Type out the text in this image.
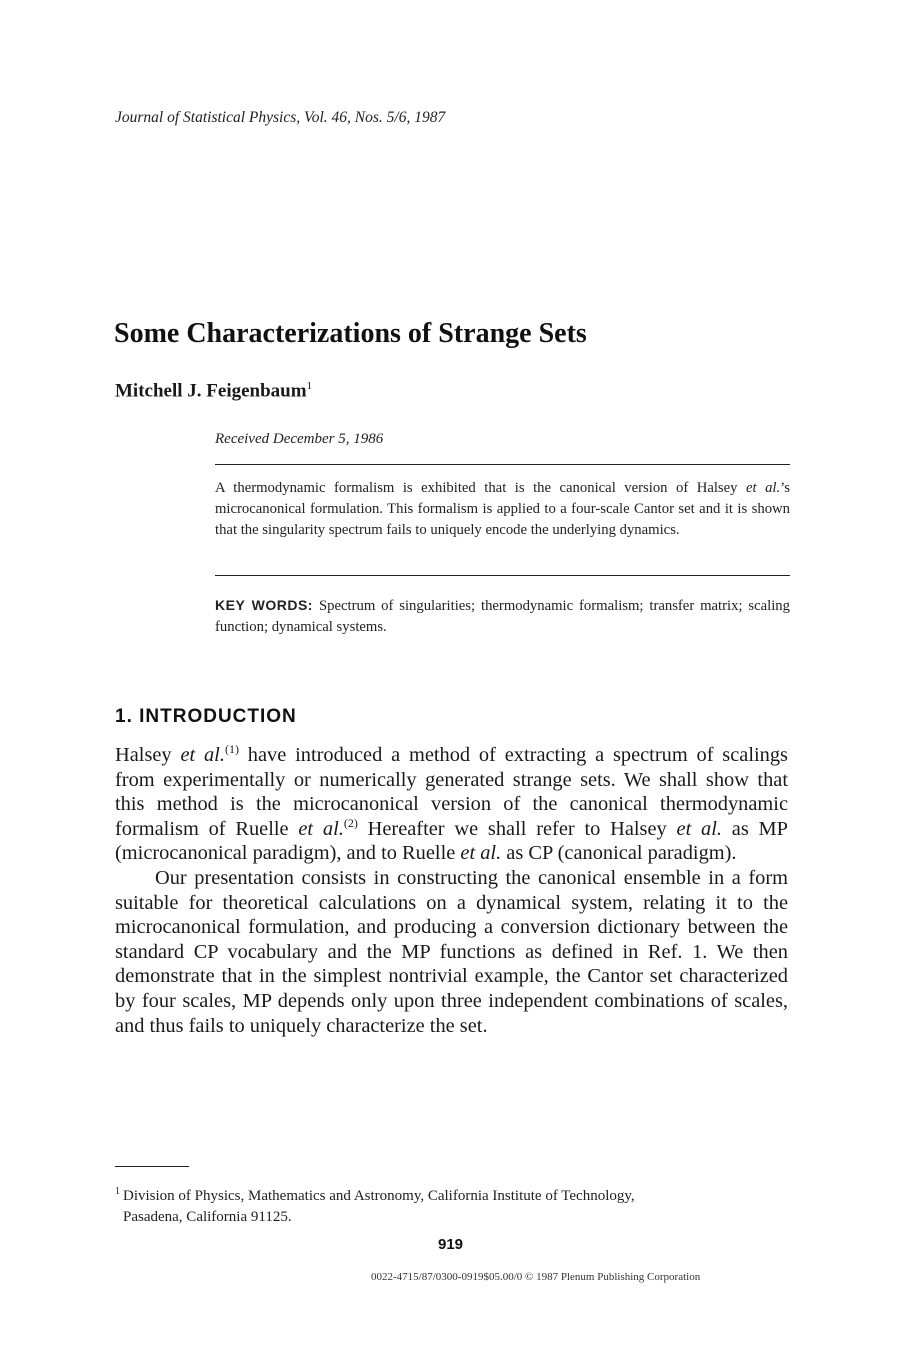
Journal of Statistical Physics, Vol. 46, Nos. 5/6, 1987
Some Characterizations of Strange Sets
Mitchell J. Feigenbaum$^1$
Received December 5, 1986
A thermodynamic formalism is exhibited that is the canonical version of Halsey et al.’s microcanonical formulation. This formalism is applied to a four-scale Cantor set and it is shown that the singularity spectrum fails to uniquely encode the underlying dynamics.
KEY WORDS: Spectrum of singularities; thermodynamic formalism; transfer matrix; scaling function; dynamical systems.
1. INTRODUCTION

Halsey et al.$^{(1)}$ have introduced a method of extracting a spectrum of scalings from experimentally or numerically generated strange sets. We shall show that this method is the microcanonical version of the canonical thermodynamic formalism of Ruelle et al.$^{(2)}$ Hereafter we shall refer to Halsey et al. as MP (microcanonical paradigm), and to Ruelle et al. as CP (canonical paradigm).

Our presentation consists in constructing the canonical ensemble in a form suitable for theoretical calculations on a dynamical system, relating it to the microcanonical formulation, and producing a conversion dictionary between the standard CP vocabulary and the MP functions as defined in Ref. 1. We then demonstrate that in the simplest nontrivial example, the Cantor set characterized by four scales, MP depends only upon three independent combinations of scales, and thus fails to uniquely characterize the set.

$^1$ Division of Physics, Mathematics and Astronomy, California Institute of Technology,
Pasadena, California 91125.
919
0022-4715/87/0300-0919$05.00/0 © 1987 Plenum Publishing Corporation
